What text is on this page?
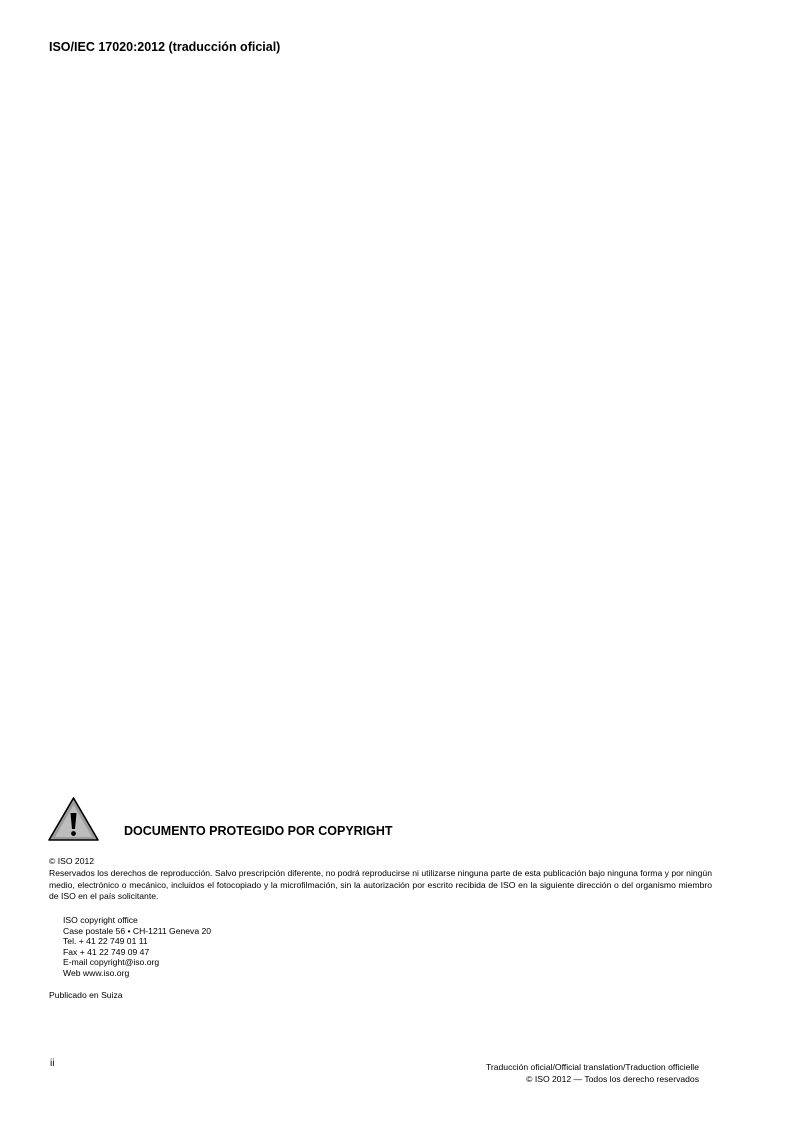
ISO/IEC 17020:2012 (traducción oficial)
DOCUMENTO PROTEGIDO POR COPYRIGHT
© ISO 2012
Reservados los derechos de reproducción. Salvo prescripción diferente, no podrá reproducirse ni utilizarse ninguna parte de esta publicación bajo ninguna forma y por ningún medio, electrónico o mecánico, incluidos el fotocopiado y la microfilmación, sin la autorización por escrito recibida de ISO en la siguiente dirección o del organismo miembro de ISO en el país solicitante.
ISO copyright office
Case postale 56 • CH-1211 Geneva 20
Tel. + 41 22 749 01 11
Fax + 41 22 749 09 47
E-mail copyright@iso.org
Web www.iso.org
Publicado en Suiza
ii	Traducción oficial/Official translation/Traduction officielle
© ISO 2012 — Todos los derecho reservados
